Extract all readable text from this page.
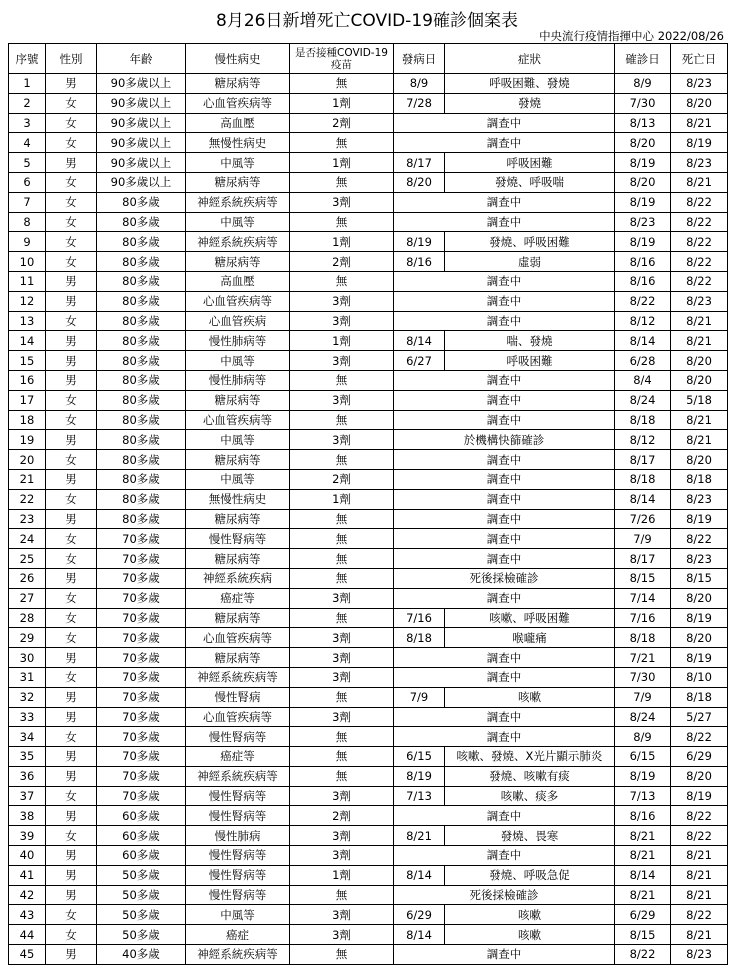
8月26日新增死亡COVID-19確診個案表
中央流行疫情指揮中心 2022/08/26
序號	性別	年齡	慢性病史	是否接種COVID-19疫苗	發病日	症狀	確診日	死亡日
1	男	90多歲以上	糖尿病等	無	8/9	呼吸困難、發燒	8/9	8/23
2	女	90多歲以上	心血管疾病等	1劑	7/28	發燒	7/30	8/20
3	女	90多歲以上	高血壓	2劑	調查中		8/13	8/21
4	女	90多歲以上	無慢性病史	無	調查中		8/20	8/19
5	男	90多歲以上	中風等	1劑	8/17	呼吸困難	8/19	8/23
6	女	90多歲以上	糖尿病等	無	8/20	發燒、呼吸喘	8/20	8/21
7	女	80多歲	神經系統疾病等	3劑	調查中		8/19	8/22
8	女	80多歲	中風等	無	調查中		8/23	8/22
9	女	80多歲	神經系統疾病等	1劑	8/19	發燒、呼吸困難	8/19	8/22
10	女	80多歲	糖尿病等	2劑	8/16	虛弱	8/16	8/22
11	男	80多歲	高血壓	無	調查中		8/16	8/22
12	男	80多歲	心血管疾病等	3劑	調查中		8/22	8/23
13	女	80多歲	心血管疾病	3劑	調查中		8/12	8/21
14	男	80多歲	慢性肺病等	1劑	8/14	喘、發燒	8/14	8/21
15	男	80多歲	中風等	3劑	6/27	呼吸困難	6/28	8/20
16	男	80多歲	慢性肺病等	無	調查中		8/4	8/20
17	女	80多歲	糖尿病等	3劑	調查中		8/24	5/18
18	女	80多歲	心血管疾病等	無	調查中		8/18	8/21
19	男	80多歲	中風等	3劑	於機構快篩確診		8/12	8/21
20	女	80多歲	糖尿病等	無	調查中		8/17	8/20
21	男	80多歲	中風等	2劑	調查中		8/18	8/18
22	女	80多歲	無慢性病史	1劑	調查中		8/14	8/23
23	男	80多歲	糖尿病等	無	調查中		7/26	8/19
24	女	70多歲	慢性腎病等	無	調查中		7/9	8/22
25	女	70多歲	糖尿病等	無	調查中		8/17	8/23
26	男	70多歲	神經系統疾病	無	死後採檢確診		8/15	8/15
27	女	70多歲	癌症等	3劑	調查中		7/14	8/20
28	女	70多歲	糖尿病等	無	7/16	咳嗽、呼吸困難	7/16	8/19
29	女	70多歲	心血管疾病等	3劑	8/18	喉嚨痛	8/18	8/20
30	男	70多歲	糖尿病等	3劑	調查中		7/21	8/19
31	女	70多歲	神經系統疾病等	3劑	調查中		7/30	8/10
32	男	70多歲	慢性腎病	無	7/9	咳嗽	7/9	8/18
33	男	70多歲	心血管疾病等	3劑	調查中		8/24	5/27
34	女	70多歲	慢性腎病等	無	調查中		8/9	8/22
35	男	70多歲	癌症等	無	6/15	咳嗽、發燒、X光片顯示肺炎	6/15	6/29
36	男	70多歲	神經系統疾病等	無	8/19	發燒、咳嗽有痰	8/19	8/20
37	女	70多歲	慢性腎病等	3劑	7/13	咳嗽、痰多	7/13	8/19
38	男	60多歲	慢性腎病等	2劑	調查中		8/16	8/22
39	女	60多歲	慢性肺病	3劑	8/21	發燒、畏寒	8/21	8/22
40	男	60多歲	慢性腎病等	3劑	調查中		8/21	8/21
41	男	50多歲	慢性腎病等	1劑	8/14	發燒、呼吸急促	8/14	8/21
42	男	50多歲	慢性腎病等	無	死後採檢確診		8/21	8/21
43	女	50多歲	中風等	3劑	6/29	咳嗽	6/29	8/22
44	女	50多歲	癌症	3劑	8/14	咳嗽	8/15	8/21
45	男	40多歲	神經系統疾病等	無	調查中		8/22	8/23
